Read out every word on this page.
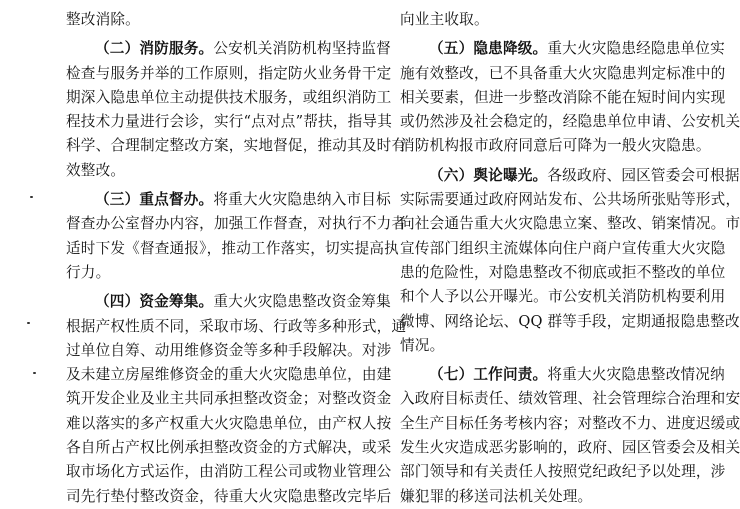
整改消除。
（二）消防服务。公安机关消防机构坚持监督
检查与服务并举的工作原则，指定防火业务骨干定
期深入隐患单位主动提供技术服务，或组织消防工
程技术力量进行会诊，实行“点对点”帮扶，指导其
科学、合理制定整改方案，实地督促，推动其及时有
效整改。
（三）重点督办。将重大火灾隐患纳入市目标
督查办公室督办内容，加强工作督查，对执行不力者
适时下发《督查通报》，推动工作落实，切实提高执
行力。
（四）资金筹集。重大火灾隐患整改资金筹集
根据产权性质不同，采取市场、行政等多种形式，通
过单位自筹、动用维修资金等多种手段解决。对涉
及未建立房屋维修资金的重大火灾隐患单位，由建
筑开发企业及业主共同承担整改资金；对整改资金
难以落实的多产权重大火灾隐患单位，由产权人按
各自所占产权比例承担整改资金的方式解决，或采
取市场化方式运作，由消防工程公司或物业管理公
司先行垫付整改资金，待重大火灾隐患整改完毕后
向业主收取。
（五）隐患降级。重大火灾隐患经隐患单位实
施有效整改，已不具备重大火灾隐患判定标准中的
相关要素，但进一步整改消除不能在短时间内实现
或仍然涉及社会稳定的，经隐患单位申请、公安机关
消防机构报市政府同意后可降为一般火灾隐患。
（六）舆论曝光。各级政府、园区管委会可根据
实际需要通过政府网站发布、公共场所张贴等形式，
向社会通告重大火灾隐患立案、整改、销案情况。市
宣传部门组织主流媒体向住户商户宣传重大火灾隐
患的危险性，对隐患整改不彻底或拒不整改的单位
和个人予以公开曝光。市公安机关消防机构要利用
微博、网络论坛、QQ 群等手段，定期通报隐患整改
情况。
（七）工作问责。将重大火灾隐患整改情况纳
入政府目标责任、绩效管理、社会管理综合治理和安
全生产目标任务考核内容；对整改不力、进度迟缓或
发生火灾造成恶劣影响的，政府、园区管委会及相关
部门领导和有关责任人按照党纪政纪予以处理，涉
嫌犯罪的移送司法机关处理。
